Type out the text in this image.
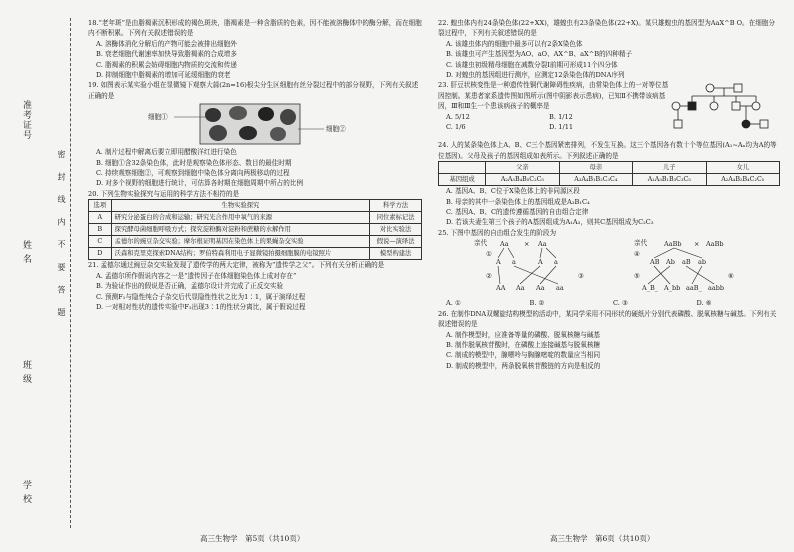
学 校
班 级
姓 名
准考证号
密 封 线 内 不 要 答 题

18.“老年斑”是由脂褐素沉积形成的褐色斑块，脂褐素是一种含脂质的色素，因不能被溶酶体中的酶分解，而在细胞内不断积累。下列有关叙述错误的是

A. 溶酶体消化分解后的产物可能会被排出细胞外

B. 衰老细胞代谢速率加快导致脂褐素的合成增多

C. 脂褐素的积累会妨碍细胞内物质的交流和传递

D. 抑制细胞中脂褐素的增加可延缓细胞的衰老

19. 如图表示某实验小组在显微镜下观察大蒜(2n=16)根尖分生区细胞有丝分裂过程中的部分视野，下列有关叙述正确的是

细胞①
细胞②

A. 制片过程中解离后要立即用醋酸洋红进行染色

B. 细胞①含32条染色体，此时是观察染色体形态、数目的最佳时期

C. 持续观察细胞②，可观察到细胞中染色体分离向两极移动的过程

D. 对多个视野的细胞进行统计，可估算各时期在细胞周期中所占的比例

20. 下列生物实验探究与运用的科学方法不相符的是

选项	生物实验探究	科学方法
A	研究分泌蛋白的合成和运输；研究光合作用中氧气的来源	同位素标记法
B	探究酵母菌细胞呼吸方式；探究淀粉酶对淀粉和蔗糖的水解作用	对比实验法
C	孟德尔的豌豆杂交实验；摩尔根证明基因在染色体上的果蝇杂交实验	假说—演绎法
D	沃森和克里克探索DNA结构；罗伯特森利用电子显微镜拍摄细胞膜的电镜照片	模型构建法

21. 孟德尔通过豌豆杂交实验发现了遗传学的两大定律，被称为“遗传学之父”。下列有关分析正确的是

A. 孟德尔所作假说内容之一是“遗传因子在体细胞染色体上成对存在”

B. 为验证作出的假说是否正确，孟德尔设计并完成了正反交实验

C. 预测F₁与隐性纯合子杂交后代显隐性性状之比为1∶1，属于演绎过程

D. 一对相对性状的遗传实验中F₂出现3∶1的性状分离比，属于假说过程

高三生物学　第5页（共10页）

22. 蝗虫体内有24条染色体(22+XX)，雄蝗虫有23条染色体(22+X)。某只雄蝗虫的基因型为AaX^B O。在细胞分裂过程中，下列有关叙述错误的是

A. 该雄虫体内的细胞中最多可以有2条X染色体

B. 该雄虫可产生基因型为AO、aO、AX^B、aX^B的四种精子

C. 该雄虫初级精母细胞在减数分裂Ⅰ前期可形成11个四分体

D. 对蝗虫的基因组进行测序，应测定12条染色体的DNA序列

23. 肝豆状核变性是一种遗传性铜代谢障碍性疾病，由常染色体上的一对等位基因控制。某患者家系遗传图如图所示(图中阴影表示患病)，已知Ⅱ不携带该病基因，Ⅲ和Ⅲ生一个患该病孩子的概率是

A. 5/12	B. 1/12
C. 1/6	D. 1/11

24. 人的某条染色体上A、B、C三个基因紧密排列，不发生互换。这三个基因各有数十个等位基因(A₁~Aₙ均为A的等位基因)。父母及孩子的基因组成如表所示。下列叙述正确的是

	父亲	母亲	儿子	女儿
基因组成	A₂A₃B₄B₅C₂C₅	A₃A₄B₁B₂C₃C₄	A₁A₃B₁B₃C₃C₅	A₂A₄B₂B₄C₂C₅

A. 基因A、B、C位于X染色体上的非同源区段

B. 母亲的其中一条染色体上的基因组成是A₃B₁C₄

C. 基因A、B、C的遗传遵循基因的自由组合定律

D. 若该夫妻生第三个孩子的A基因组成为A₁A₃，则其C基因组成为C₂C₃

25. 下图中基因的自由组合发生的阶段为

亲代	亲代
Aa × Aa	AaBb × AaBb
A a	A a	AB Ab aB ab
AA Aa Aa aa	A_B_ A_bb aaB_ aabb
①
②
④
⑤	⑥
③
A. ①	B. ②	C. ③	D. ⑥

26. 在制作DNA双螺旋结构模型的活动中，某同学采用不同形状的硬纸片分别代表磷酸、脱氧核糖与碱基。下列有关叙述错误的是

A. 制作模型时，应准备等量的磷酸、脱氧核糖与碱基

B. 制作脱氧核苷酸时，在磷酸上连接碱基与脱氧核糖

C. 制成的模型中，腺嘌呤与胸腺嘧啶的数量应当相同

D. 制成的模型中，两条脱氧核苷酸链的方向是相反的

高三生物学　第6页（共10页）
